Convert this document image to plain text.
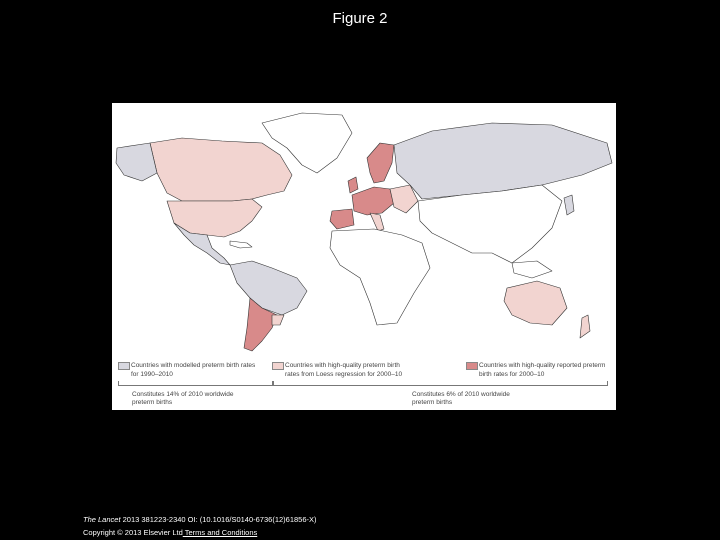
Figure 2
Countries with modelled preterm birth rates for 1990–2010
Countries with high-quality preterm birth rates from Loess regression for 2000–10
Countries with high-quality reported preterm birth rates for 2000–10
Constitutes 14% of 2010 worldwide preterm births
Constitutes 6% of 2010 worldwide preterm births
The Lancet 2013 381223-2340 OI: (10.1016/S0140-6736(12)61856-X)
Copyright © 2013 Elsevier Ltd Terms and Conditions
